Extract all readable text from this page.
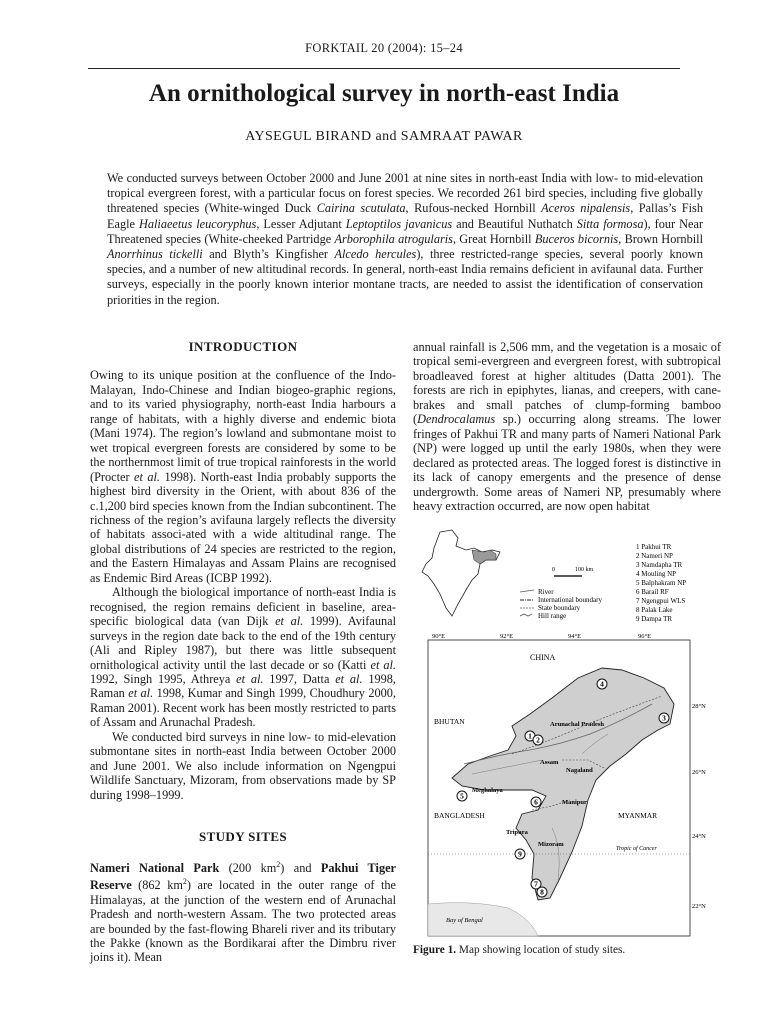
FORKTAIL 20 (2004): 15–24
An ornithological survey in north-east India
AYSEGUL BIRAND and SAMRAAT PAWAR

We conducted surveys between October 2000 and June 2001 at nine sites in north-east India with low- to mid-elevation tropical evergreen forest, with a particular focus on forest species. We recorded 261 bird species, including five globally threatened species (White-winged Duck Cairina scutulata, Rufous-necked Hornbill Aceros nipalensis, Pallas’s Fish Eagle Haliaeetus leucoryphus, Lesser Adjutant Leptoptilos javanicus and Beautiful Nuthatch Sitta formosa), four Near Threatened species (White-cheeked Partridge Arborophila atrogularis, Great Hornbill Buceros bicornis, Brown Hornbill Anorrhinus tickelli and Blyth’s Kingfisher Alcedo hercules), three restricted-range species, several poorly known species, and a number of new altitudinal records. In general, north-east India remains deficient in avifaunal data. Further surveys, especially in the poorly known interior montane tracts, are needed to assist the identification of conservation priorities in the region.

INTRODUCTION

Owing to its unique position at the confluence of the Indo-Malayan, Indo-Chinese and Indian biogeo-graphic regions, and to its varied physiography, north-east India harbours a range of habitats, with a highly diverse and endemic biota (Mani 1974). The region’s lowland and submontane moist to wet tropical evergreen forests are considered by some to be the northernmost limit of true tropical rainforests in the world (Procter et al. 1998). North-east India probably supports the highest bird diversity in the Orient, with about 836 of the c.1,200 bird species known from the Indian subcontinent. The richness of the region’s avifauna largely reflects the diversity of habitats associ-ated with a wide altitudinal range. The global distributions of 24 species are restricted to the region, and the Eastern Himalayas and Assam Plains are recognised as Endemic Bird Areas (ICBP 1992).

Although the biological importance of north-east India is recognised, the region remains deficient in baseline, area-specific biological data (van Dijk et al. 1999). Avifaunal surveys in the region date back to the end of the 19th century (Ali and Ripley 1987), but there was little subsequent ornithological activity until the last decade or so (Katti et al. 1992, Singh 1995, Athreya et al. 1997, Datta et al. 1998, Raman et al. 1998, Kumar and Singh 1999, Choudhury 2000, Raman 2001). Recent work has been mostly restricted to parts of Assam and Arunachal Pradesh.

We conducted bird surveys in nine low- to mid-elevation submontane sites in north-east India between October 2000 and June 2001. We also include information on Ngengpui Wildlife Sanctuary, Mizoram, from observations made by SP during 1998–1999.

STUDY SITES

Nameri National Park (200 $km^2$) and Pakhui Tiger Reserve (862 $km^2$) are located in the outer range of the Himalayas, at the junction of the western end of Arunachal Pradesh and north-western Assam. The two protected areas are bounded by the fast-flowing Bhareli river and its tributary the Pakke (known as the Bordikarai after the Dimbru river joins it). Mean

annual rainfall is 2,506 mm, and the vegetation is a mosaic of tropical semi-evergreen and evergreen forest, with subtropical broadleaved forest at higher altitudes (Datta 2001). The forests are rich in epiphytes, lianas, and creepers, with cane-brakes and small patches of clump-forming bamboo (Dendrocalamus sp.) occurring along streams. The lower fringes of Pakhui TR and many parts of Nameri National Park (NP) were logged up until the early 1980s, when they were declared as protected areas. The logged forest is distinctive in its lack of canopy emergents and the presence of dense undergrowth. Some areas of Nameri NP, presumably where heavy extraction occurred, are now open habitat

0	100 km
River
International boundary
State boundary
Hill range
1 Pakhui TR
2 Nameri NP
3 Namdapha TR
4 Mouling NP
5 Balphakram NP
6 Barail RF
7 Ngengpui WLS
8 Palak Lake
9 Dampa TR
90°E	92°E	94°E	96°E
28°N
26°N
24°N
22°N
Tropic of Cancer
Bay of Bengal
CHINA
BHUTAN
BANGLADESH	MYANMAR
Arunachal Pradesh
Assam
Nagaland
Meghalaya
Manipur
Tripura
Mizoram
1 2
3
4
5
6
7
8
9
Figure 1. Map showing location of study sites.
